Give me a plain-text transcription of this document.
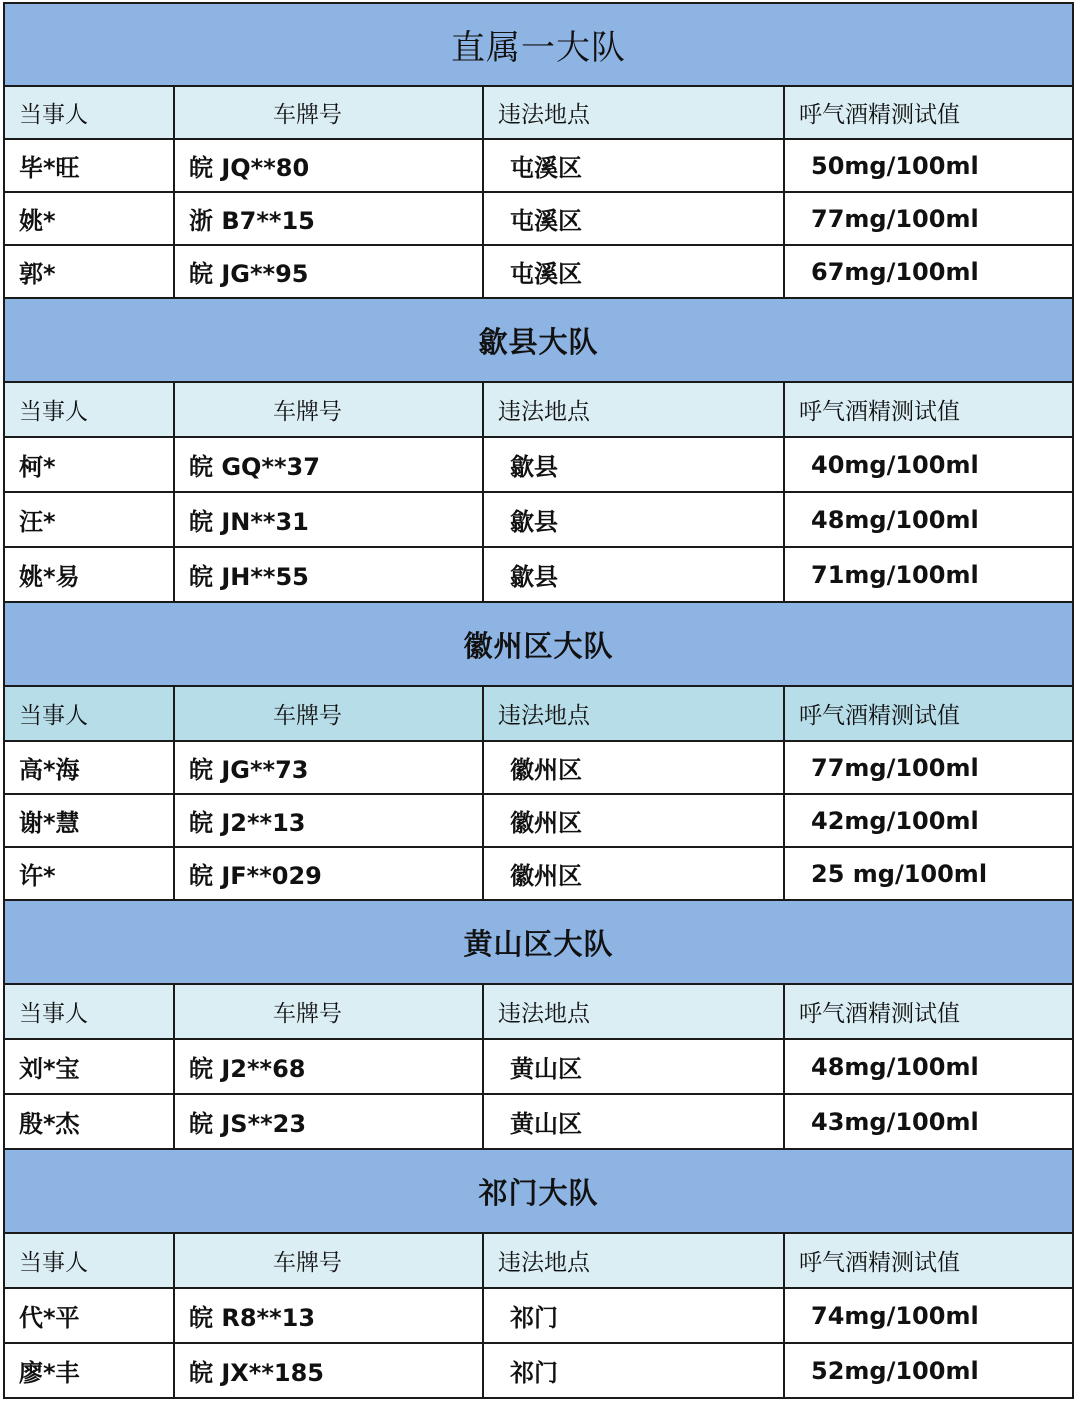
直属一大队			
当事人	车牌号	违法地点	呼气酒精测试值
毕*旺	皖 JQ**80	屯溪区	50mg/100ml
姚*	浙 B7**15	屯溪区	77mg/100ml
郭*	皖 JG**95	屯溪区	67mg/100ml
歙县大队			
当事人	车牌号	违法地点	呼气酒精测试值
柯*	皖 GQ**37	歙县	40mg/100ml
汪*	皖 JN**31	歙县	48mg/100ml
姚*易	皖 JH**55	歙县	71mg/100ml
徽州区大队			
当事人	车牌号	违法地点	呼气酒精测试值
高*海	皖 JG**73	徽州区	77mg/100ml
谢*慧	皖 J2**13	徽州区	42mg/100ml
许*	皖 JF**029	徽州区	25 mg/100ml
黄山区大队			
当事人	车牌号	违法地点	呼气酒精测试值
刘*宝	皖 J2**68	黄山区	48mg/100ml
殷*杰	皖 JS**23	黄山区	43mg/100ml
祁门大队			
当事人	车牌号	违法地点	呼气酒精测试值
代*平	皖 R8**13	祁门	74mg/100ml
廖*丰	皖 JX**185	祁门	52mg/100ml
